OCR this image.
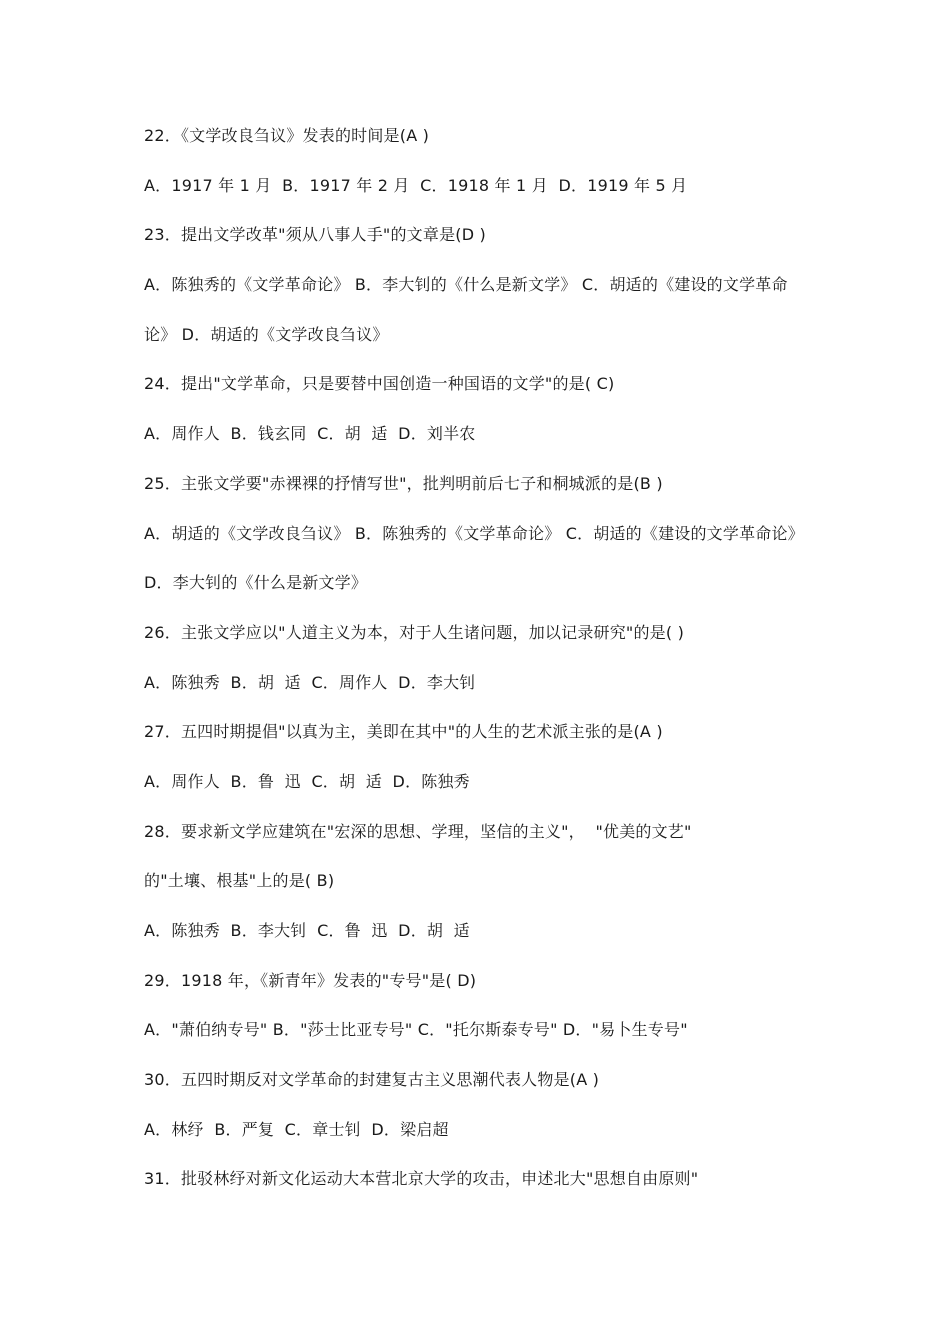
22．《文学改良刍议》发表的时间是(A )
A．1917 年 1 月  B．1917 年 2 月  C．1918 年 1 月  D．1919 年 5 月
23．提出文学改革"须从八事人手"的文章是(D )
A．陈独秀的《文学革命论》 B．李大钊的《什么是新文学》 C．胡适的《建设的文学革命
论》 D．胡适的《文学改良刍议》
24．提出"文学革命，只是要替中国创造一种国语的文学"的是( C)
A．周作人  B．钱玄同  C．胡  适  D．刘半农
25．主张文学要"赤裸裸的抒情写世"，批判明前后七子和桐城派的是(B )
A．胡适的《文学改良刍议》 B．陈独秀的《文学革命论》 C．胡适的《建设的文学革命论》
D．李大钊的《什么是新文学》
26．主张文学应以"人道主义为本，对于人生诸问题，加以记录研究"的是( )
A．陈独秀  B．胡  适  C．周作人  D．李大钊
27．五四时期提倡"以真为主，美即在其中"的人生的艺术派主张的是(A )
A．周作人  B．鲁  迅  C．胡  适  D．陈独秀
28．要求新文学应建筑在"宏深的思想、学理，坚信的主义"，  "优美的文艺"
的"土壤、根基"上的是( B)
A．陈独秀  B．李大钊  C．鲁  迅  D．胡  适
29．1918 年，《新青年》发表的"专号"是( D)
A．"萧伯纳专号" B．"莎士比亚专号" C．"托尔斯泰专号" D．"易卜生专号"
30．五四时期反对文学革命的封建复古主义思潮代表人物是(A )
A．林纾  B．严复  C．章士钊  D．梁启超
31．批驳林纾对新文化运动大本营北京大学的攻击，申述北大"思想自由原则"
